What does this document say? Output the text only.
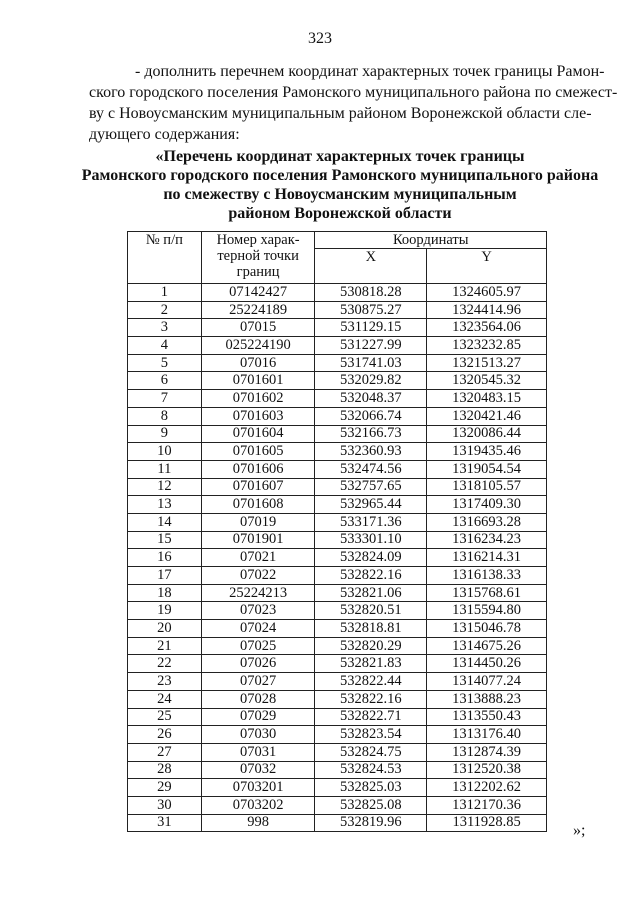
323
- дополнить перечнем координат характерных точек границы Рамон-
ского городского поселения Рамонского муниципального района по смежест-
ву с Новоусманским муниципальным районом Воронежской области сле-
дующего содержания:
«Перечень координат характерных точек границы
Рамонского городского поселения Рамонского муниципального района
по смежеству с Новоусманским муниципальным
районом Воронежской области
№ п/п	Номер харак-
терной точки
границ	Координаты	
		X	Y
1	07142427	530818.28	1324605.97
2	25224189	530875.27	1324414.96
3	07015	531129.15	1323564.06
4	025224190	531227.99	1323232.85
5	07016	531741.03	1321513.27
6	0701601	532029.82	1320545.32
7	0701602	532048.37	1320483.15
8	0701603	532066.74	1320421.46
9	0701604	532166.73	1320086.44
10	0701605	532360.93	1319435.46
11	0701606	532474.56	1319054.54
12	0701607	532757.65	1318105.57
13	0701608	532965.44	1317409.30
14	07019	533171.36	1316693.28
15	0701901	533301.10	1316234.23
16	07021	532824.09	1316214.31
17	07022	532822.16	1316138.33
18	25224213	532821.06	1315768.61
19	07023	532820.51	1315594.80
20	07024	532818.81	1315046.78
21	07025	532820.29	1314675.26
22	07026	532821.83	1314450.26
23	07027	532822.44	1314077.24
24	07028	532822.16	1313888.23
25	07029	532822.71	1313550.43
26	07030	532823.54	1313176.40
27	07031	532824.75	1312874.39
28	07032	532824.53	1312520.38
29	0703201	532825.03	1312202.62
30	0703202	532825.08	1312170.36
31	998	532819.96	1311928.85	»;
